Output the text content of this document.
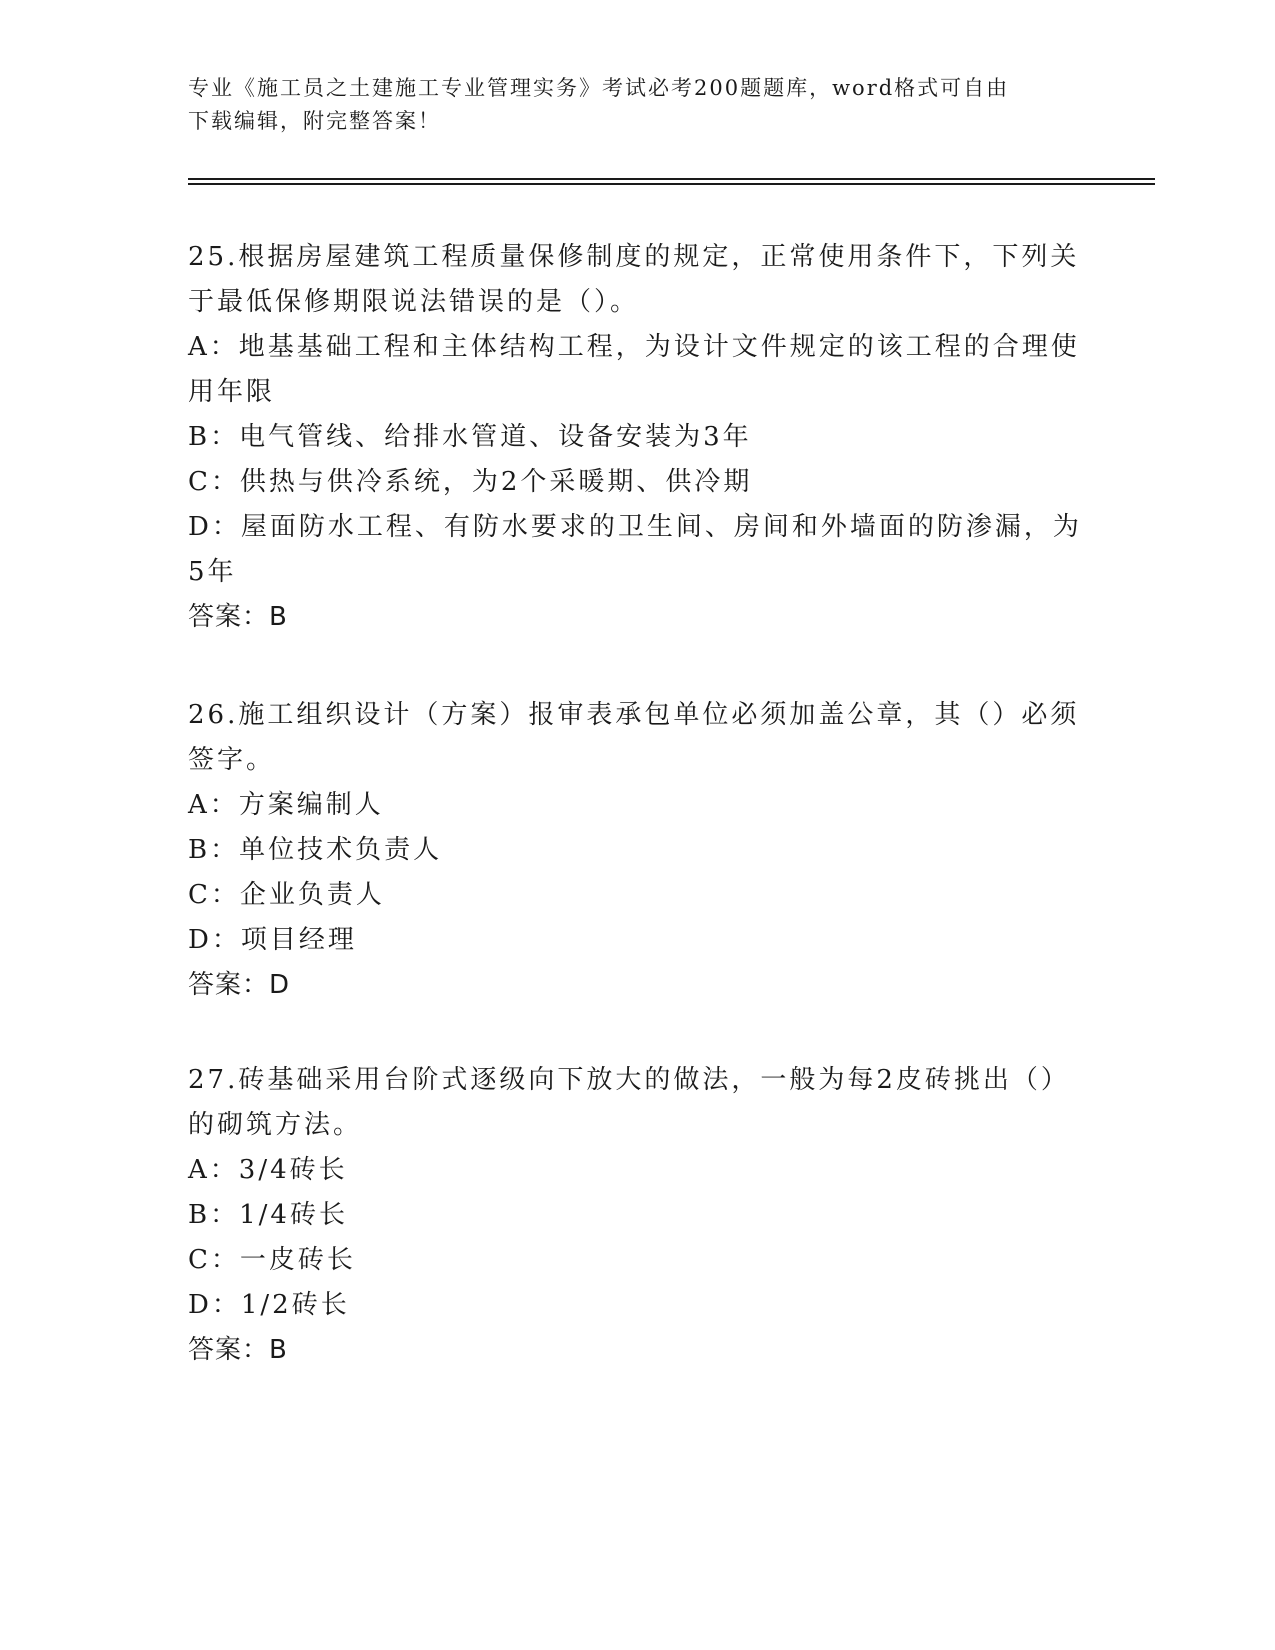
专业《施工员之土建施工专业管理实务》考试必考200题题库，word格式可自由
下载编辑，附完整答案！
25.根据房屋建筑工程质量保修制度的规定，正常使用条件下，下列关
于最低保修期限说法错误的是（）。
A：地基基础工程和主体结构工程，为设计文件规定的该工程的合理使
用年限
B：电气管线、给排水管道、设备安装为3年
C：供热与供冷系统，为2个采暖期、供冷期
D：屋面防水工程、有防水要求的卫生间、房间和外墙面的防渗漏，为
5年
答案：B
26.施工组织设计（方案）报审表承包单位必须加盖公章，其（）必须
签字。
A：方案编制人
B：单位技术负责人
C：企业负责人
D：项目经理
答案：D
27.砖基础采用台阶式逐级向下放大的做法，一般为每2皮砖挑出（）
的砌筑方法。
A：3/4砖长
B：1/4砖长
C：一皮砖长
D：1/2砖长
答案：B
